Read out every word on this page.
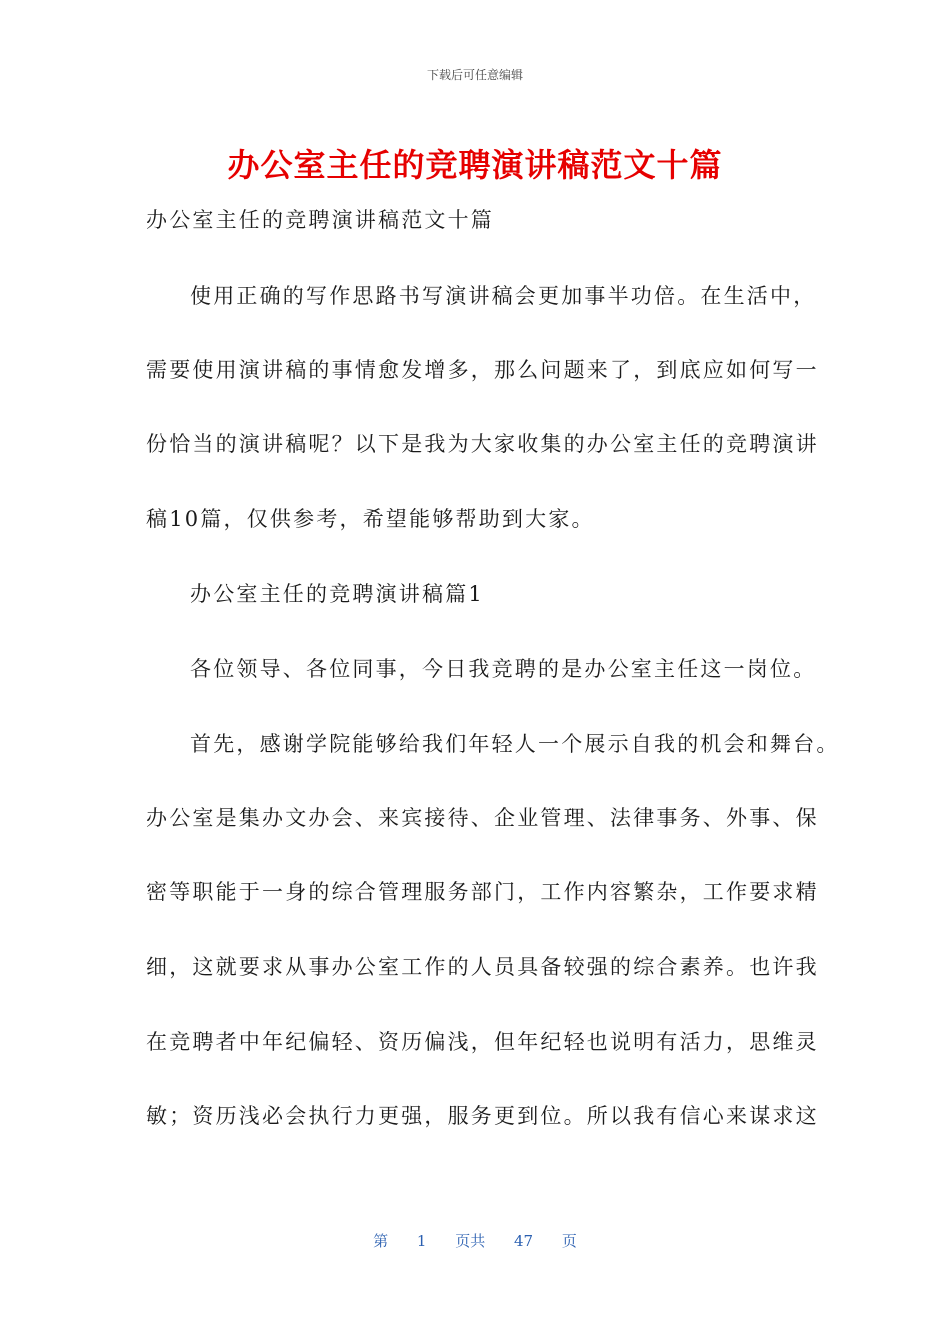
下载后可任意编辑
办公室主任的竞聘演讲稿范文十篇
办公室主任的竞聘演讲稿范文十篇
使用正确的写作思路书写演讲稿会更加事半功倍。在生活中，
需要使用演讲稿的事情愈发增多，那么问题来了，到底应如何写一
份恰当的演讲稿呢？以下是我为大家收集的办公室主任的竞聘演讲
稿10篇，仅供参考，希望能够帮助到大家。
办公室主任的竞聘演讲稿篇1
各位领导、各位同事，今日我竞聘的是办公室主任这一岗位。
首先，感谢学院能够给我们年轻人一个展示自我的机会和舞台。
办公室是集办文办会、来宾接待、企业管理、法律事务、外事、保
密等职能于一身的综合管理服务部门，工作内容繁杂，工作要求精
细，这就要求从事办公室工作的人员具备较强的综合素养。也许我
在竞聘者中年纪偏轻、资历偏浅，但年纪轻也说明有活力，思维灵
敏；资历浅必会执行力更强，服务更到位。所以我有信心来谋求这
第 1 页共 47 页
